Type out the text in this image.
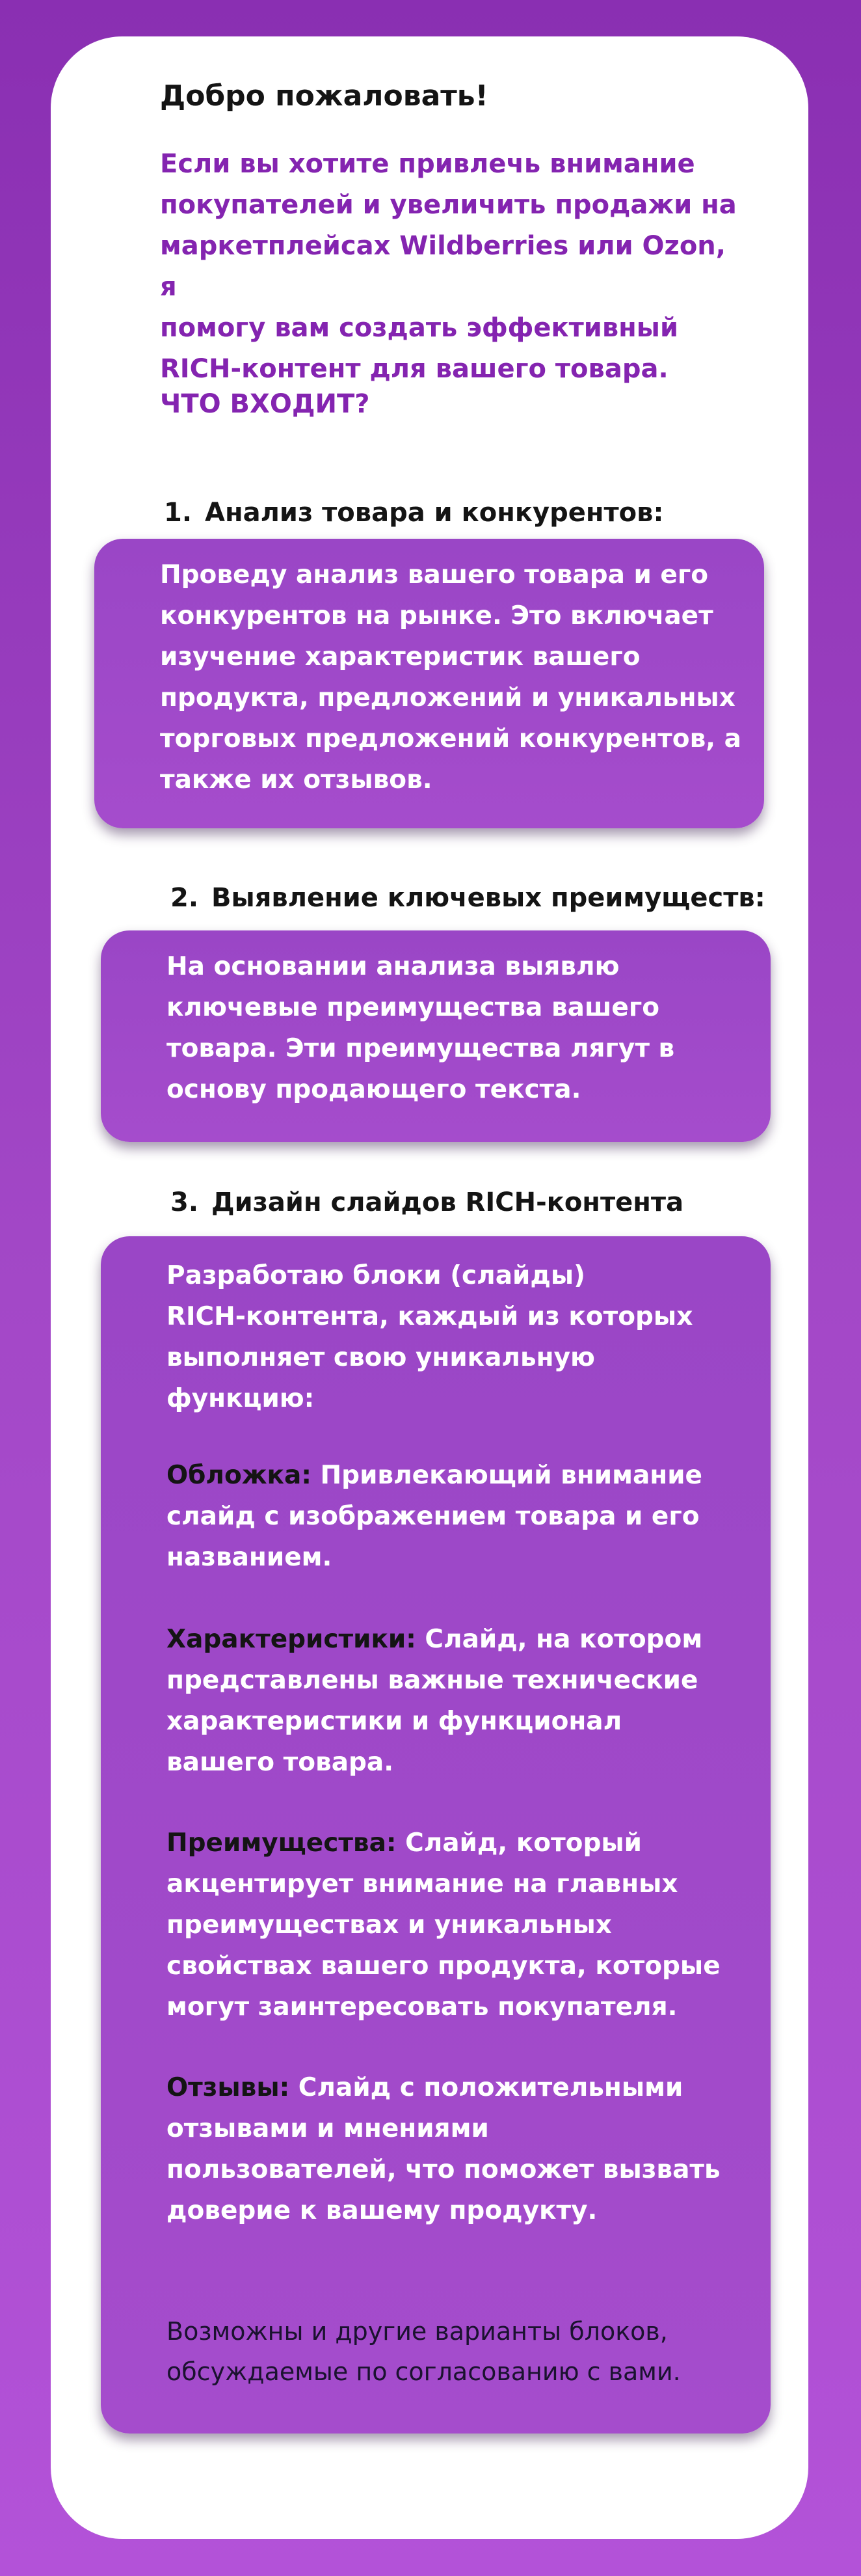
Добро пожаловать!
Если вы хотите привлечь внимание
покупателей и увеличить продажи на
маркетплейсах Wildberries или Ozon, я
помогу вам создать эффективный
RICH-контент для вашего товара.
ЧТО ВХОДИТ?
1. Анализ товара и конкурентов:
Проведу анализ вашего товара и его
конкурентов на рынке. Это включает
изучение характеристик вашего
продукта, предложений и уникальных
торговых предложений конкурентов, а
также их отзывов.
2. Выявление ключевых преимуществ:
На основании анализа выявлю
ключевые преимущества вашего
товара. Эти преимущества лягут в
основу продающего текста.
3. Дизайн слайдов RICH-контента
Разработаю блоки (слайды)
RICH-контента, каждый из которых
выполняет свою уникальную
функцию:
Обложка: Привлекающий внимание
слайд с изображением товара и его
названием.
Характеристики: Слайд, на котором
представлены важные технические
характеристики и функционал
вашего товара.
Преимущества: Слайд, который
акцентирует внимание на главных
преимуществах и уникальных
свойствах вашего продукта, которые
могут заинтересовать покупателя.
Отзывы: Слайд с положительными
отзывами и мнениями
пользователей, что поможет вызвать
доверие к вашему продукту.
Возможны и другие варианты блоков,
обсуждаемые по согласованию с вами.
